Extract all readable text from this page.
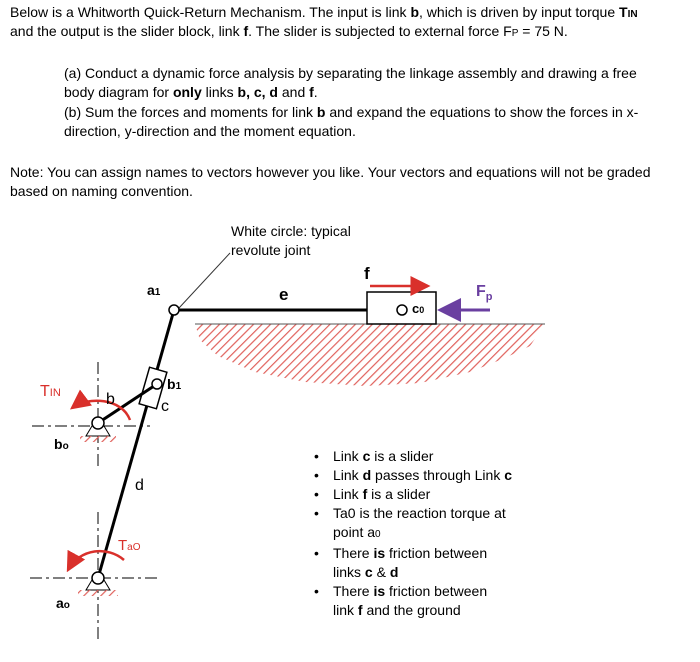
Below is a Whitworth Quick-Return Mechanism. The input is link b, which is driven by input torque TIN
and the output is the slider block, link f. The slider is subjected to external force FP = 75 N.
(a) Conduct a dynamic force analysis by separating the linkage assembly and drawing a free
body diagram for only links b, c, d and f.
(b) Sum the forces and moments for link b and expand the equations to show the forces in x-
direction, y-direction and the moment equation.
Note: You can assign names to vectors however you like. Your vectors and equations will not be graded
based on naming convention.
White circle: typical
revolute joint
f
e
c0
$F_p$
a1
b1
TIN	b	c
bo
d
TaO
ao
• Link c is a slider
• Link d passes through Link c
• Link f is a slider
• Ta0 is the reaction torque at
point a0
• There is friction between
links c & d
• There is friction between
link f and the ground
